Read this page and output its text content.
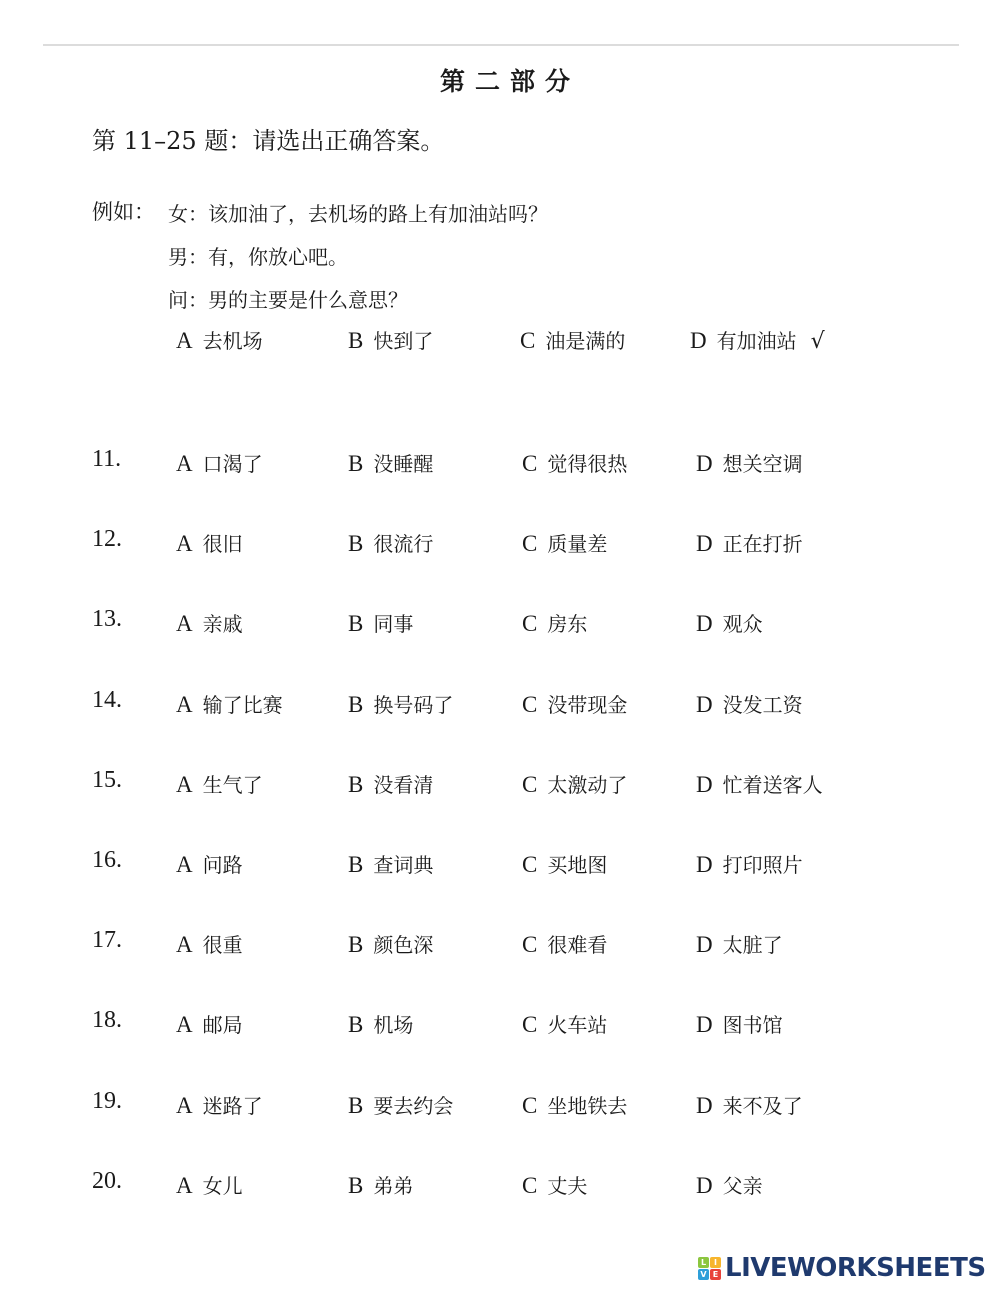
第二部分
第 11–25 题：请选出正确答案。
例如： 女：该加油了，去机场的路上有加油站吗？
男：有，你放心吧。
问：男的主要是什么意思？
A 去机场	B 快到了	C 油是满的	D 有加油站 √
11. A 口渴了	B 没睡醒	C 觉得很热	D 想关空调
12. A 很旧	B 很流行	C 质量差	D 正在打折
13. A 亲戚	B 同事	C 房东	D 观众
14. A 输了比赛	B 换号码了	C 没带现金	D 没发工资
15. A 生气了	B 没看清	C 太激动了	D 忙着送客人
16. A 问路	B 查词典	C 买地图	D 打印照片
17. A 很重	B 颜色深	C 很难看	D 太脏了
18. A 邮局	B 机场	C 火车站	D 图书馆
19. A 迷路了	B 要去约会	C 坐地铁去	D 来不及了
20. A 女儿	B 弟弟	C 丈夫	D 父亲
L I
V E LIVEWORKSHEETS
